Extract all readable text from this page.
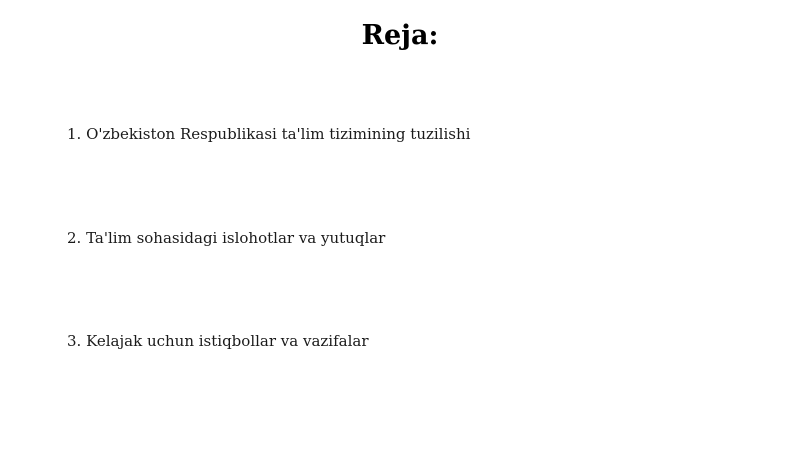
Reja:
1. O'zbekiston Respublikasi ta'lim tizimining tuzilishi
2. Ta'lim sohasidagi islohotlar va yutuqlar
3. Kelajak uchun istiqbollar va vazifalar
